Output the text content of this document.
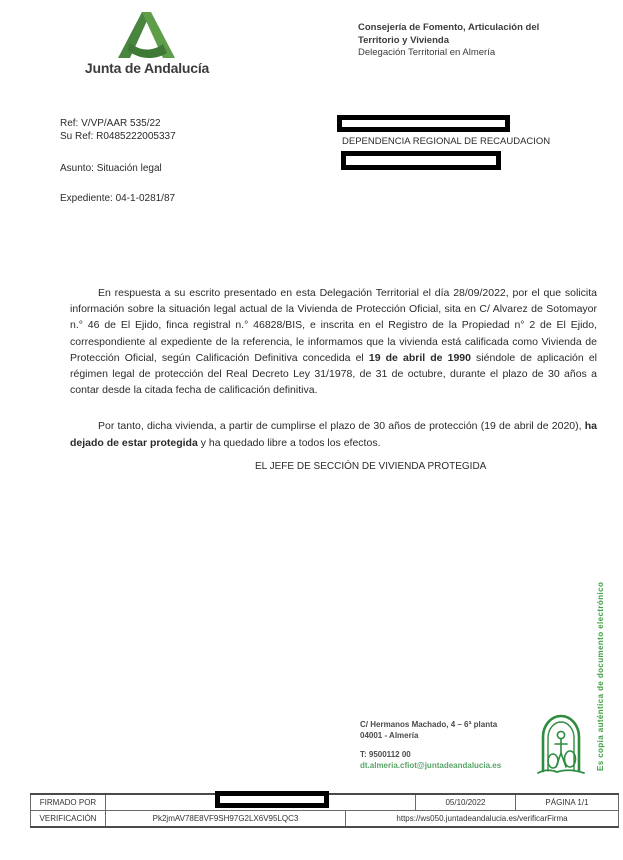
Junta de Andalucía
Consejería de Fomento, Articulación del
Territorio y Vivienda
Delegación Territorial en Almería
Ref: V/VP/AAR 535/22
Su Ref: R0485222005337
Asunto: Situación legal
Expediente: 04-1-0281/87
DEPENDENCIA REGIONAL DE RECAUDACION

En respuesta a su escrito presentado en esta Delegación Territorial el día 28/09/2022, por el que solicita información sobre la situación legal actual de la Vivienda de Protección Oficial, sita en C/ Alvarez de Sotomayor n.° 46 de El Ejido, finca registral n.° 46828/BIS, e inscrita en el Registro de la Propiedad n° 2 de El Ejido, correspondiente al expediente de la referencia, le informamos que la vivienda está calificada como Vivienda de Protección Oficial, según Calificación Definitiva concedida el 19 de abril de 1990 siéndole de aplicación el régimen legal de protección del Real Decreto Ley 31/1978, de 31 de octubre, durante el plazo de 30 años a contar desde la citada fecha de calificación definitiva.

Por tanto, dicha vivienda, a partir de cumplirse el plazo de 30 años de protección (19 de abril de 2020), ha dejado de estar protegida y ha quedado libre a todos los efectos.

EL JEFE DE SECCIÓN DE VIVIENDA PROTEGIDA
C/ Hermanos Machado, 4 – 6ª planta
04001 - Almería
T: 9500112 00
dt.almeria.cfiot@juntadeandalucia.es	Es copia auténtica de documento electrónico
FIRMADO POR	05/10/2022	PÁGINA 1/1
VERIFICACIÓN	Pk2jmAV78E8VF9SH97G2LX6V95LQC3	https://ws050.juntadeandalucia.es/verificarFirma
